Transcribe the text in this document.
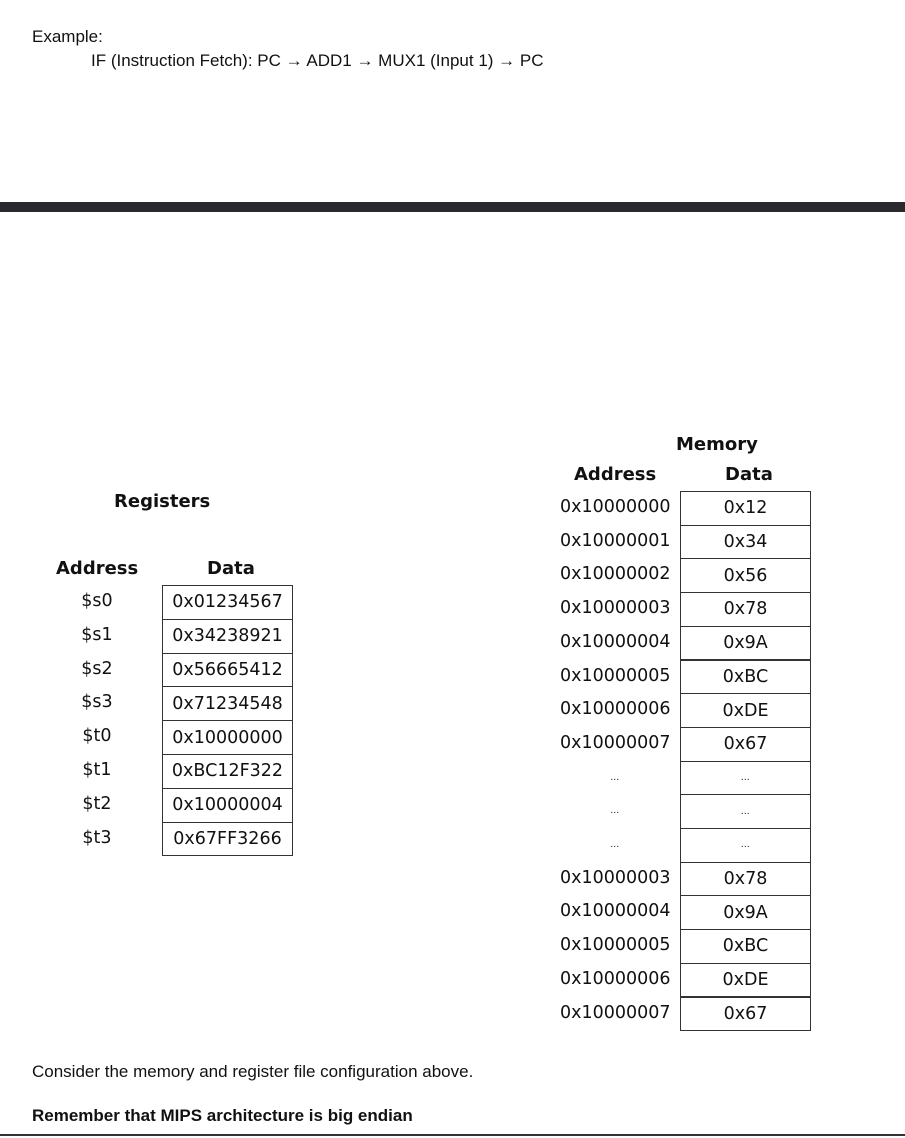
Example:
IF (Instruction Fetch): PC → ADD1 → MUX1 (Input 1) → PC
Registers
Address	Data
$s0	0x01234567
$s1	0x34238921
$s2	0x56665412
$s3	0x71234548
$t0	0x10000000
$t1	0xBC12F322
$t2	0x10000004
$t3	0x67FF3266
Memory
Address	Data
0x10000000	0x12
0x10000001	0x34
0x10000002	0x56
0x10000003	0x78
0x10000004	0x9A
0x10000005	0xBC
0x10000006	0xDE
0x10000007	0x67
…	…
…	…
…	…
0x10000003	0x78
0x10000004	0x9A
0x10000005	0xBC
0x10000006	0xDE
0x10000007	0x67
Consider the memory and register file configuration above.
Remember that MIPS architecture is big endian
